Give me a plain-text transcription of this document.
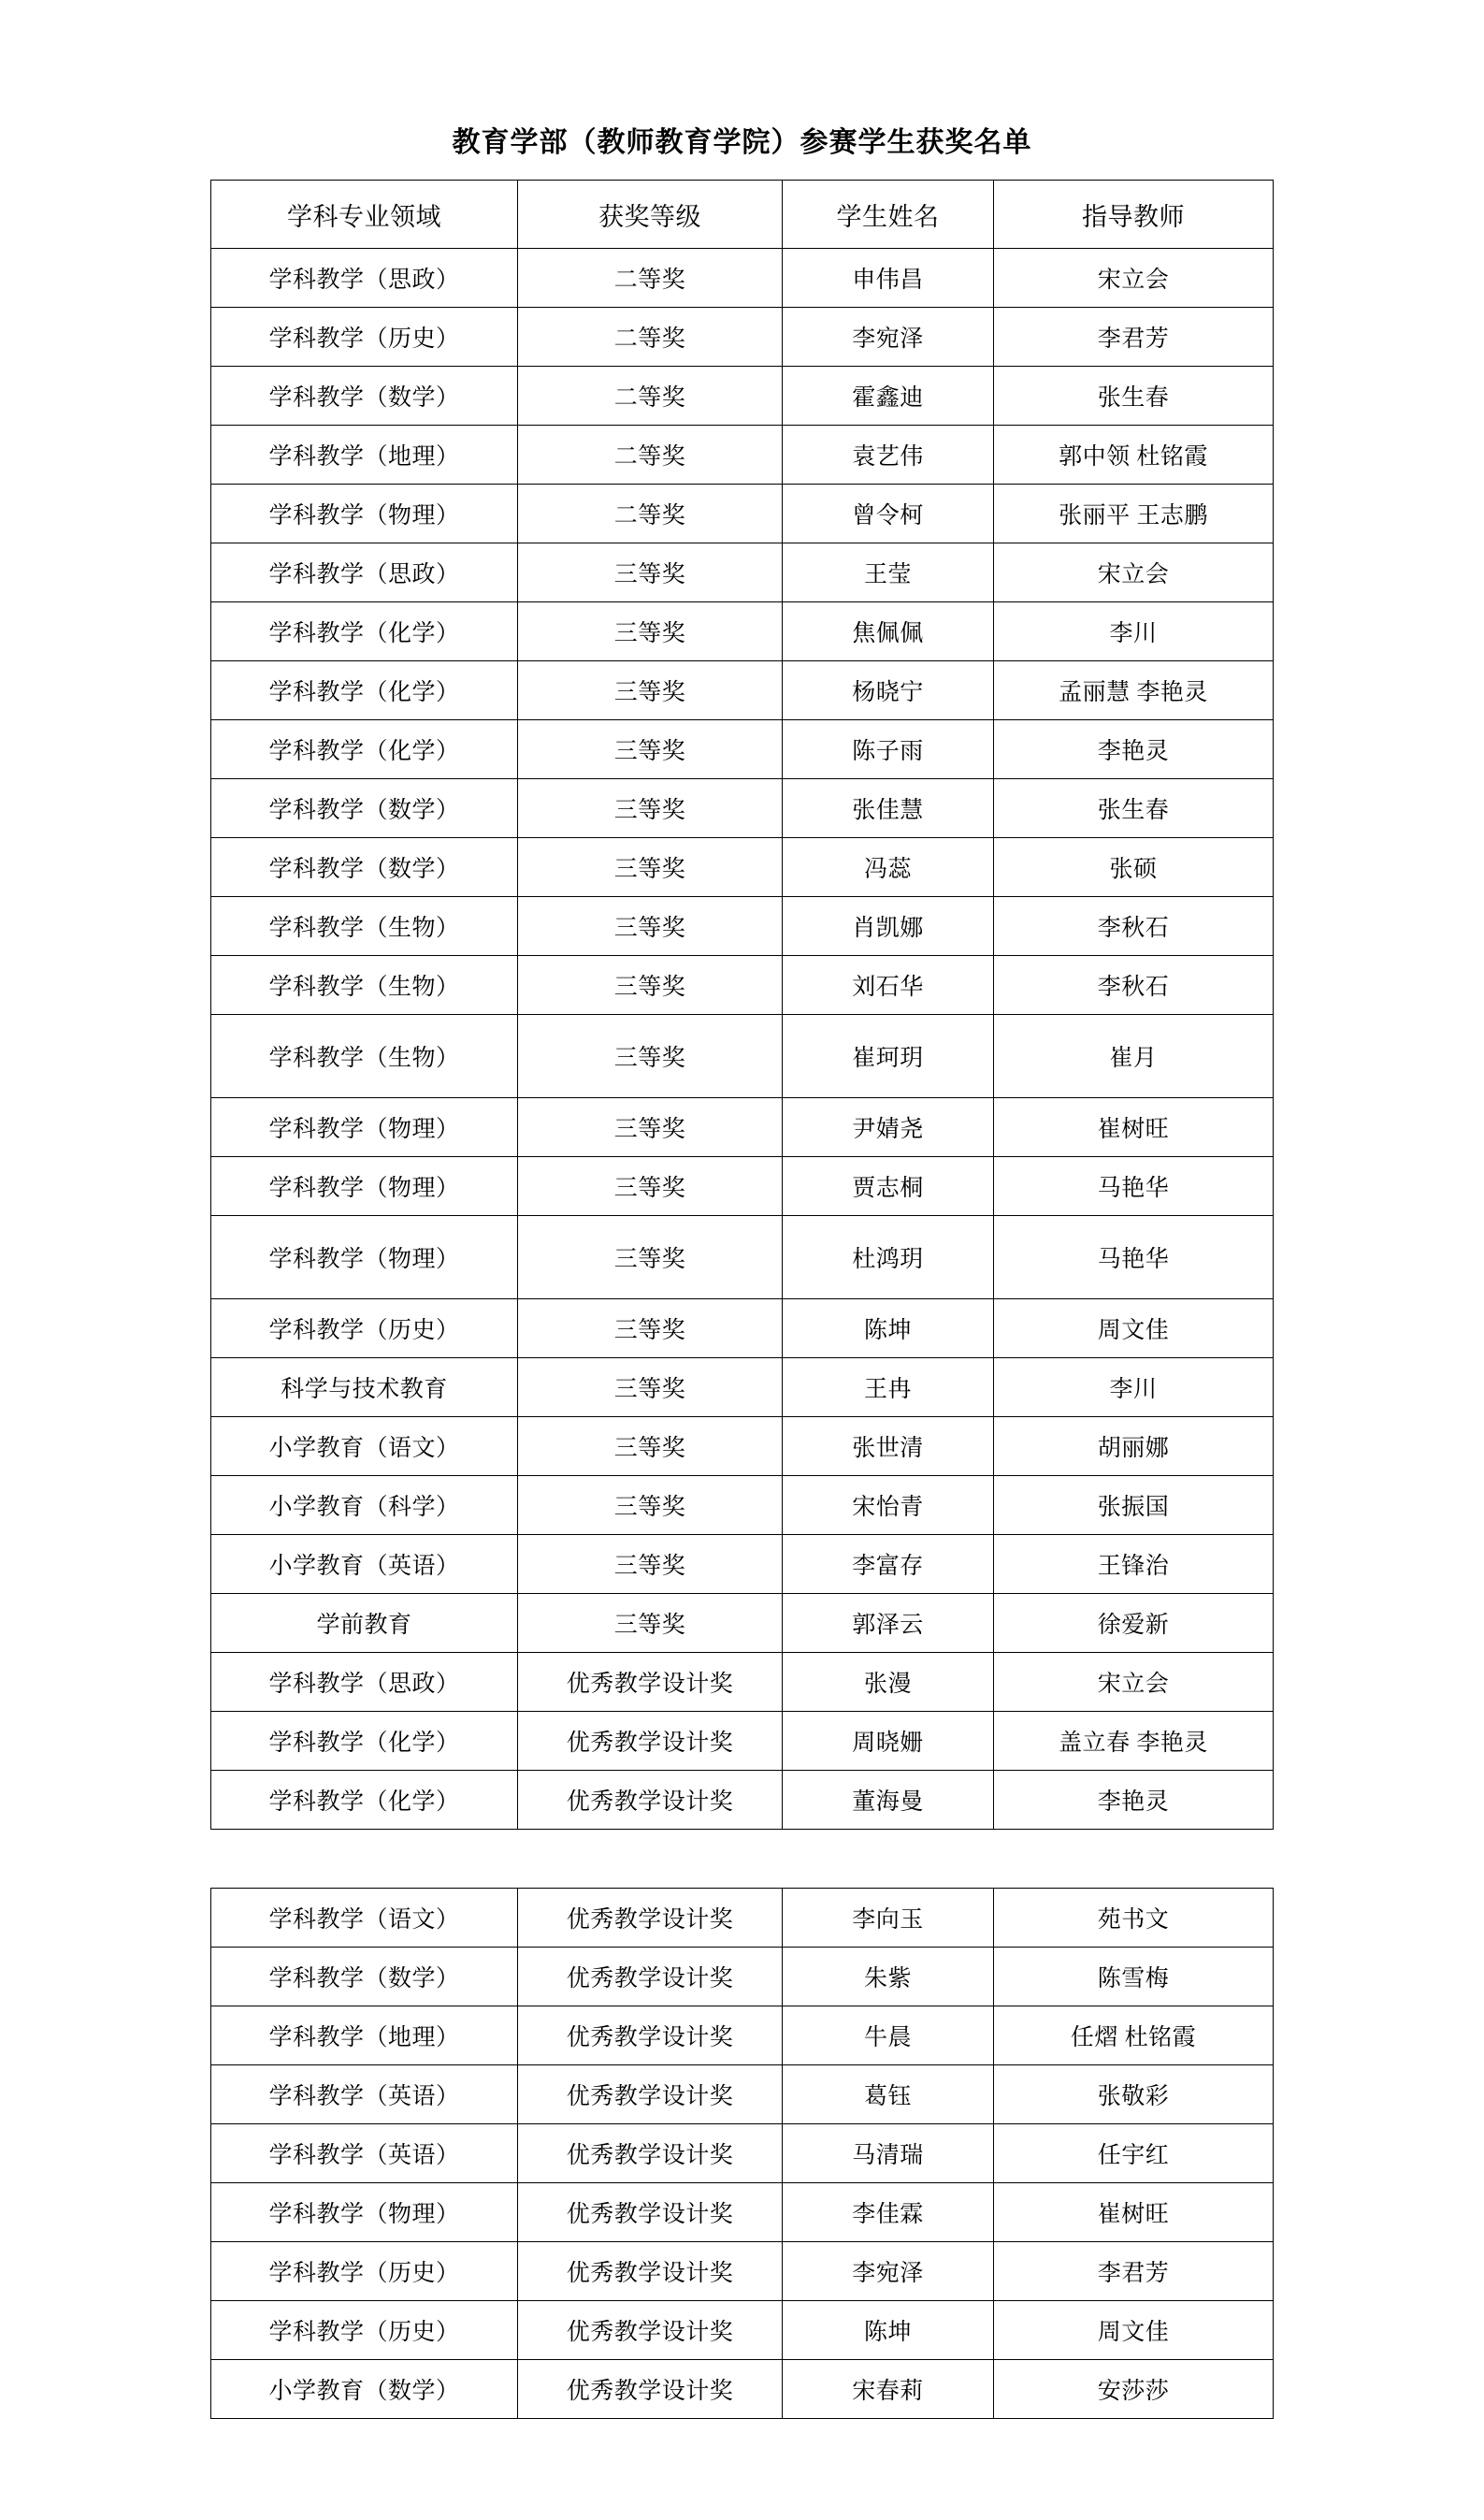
教育学部（教师教育学院）参赛学生获奖名单
学科专业领域	获奖等级	学生姓名	指导教师
学科教学（思政）	二等奖	申伟昌	宋立会
学科教学（历史）	二等奖	李宛泽	李君芳
学科教学（数学）	二等奖	霍鑫迪	张生春
学科教学（地理）	二等奖	袁艺伟	郭中领 杜铭霞
学科教学（物理）	二等奖	曾令柯	张丽平 王志鹏
学科教学（思政）	三等奖	王莹	宋立会
学科教学（化学）	三等奖	焦佩佩	李川
学科教学（化学）	三等奖	杨晓宁	孟丽慧 李艳灵
学科教学（化学）	三等奖	陈子雨	李艳灵
学科教学（数学）	三等奖	张佳慧	张生春
学科教学（数学）	三等奖	冯蕊	张硕
学科教学（生物）	三等奖	肖凯娜	李秋石
学科教学（生物）	三等奖	刘石华	李秋石
学科教学（生物）	三等奖	崔珂玥	崔月
学科教学（物理）	三等奖	尹婧尧	崔树旺
学科教学（物理）	三等奖	贾志桐	马艳华
学科教学（物理）	三等奖	杜鸿玥	马艳华
学科教学（历史）	三等奖	陈坤	周文佳
科学与技术教育	三等奖	王冉	李川
小学教育（语文）	三等奖	张世清	胡丽娜
小学教育（科学）	三等奖	宋怡青	张振国
小学教育（英语）	三等奖	李富存	王锋治
学前教育	三等奖	郭泽云	徐爱新
学科教学（思政）	优秀教学设计奖	张漫	宋立会
学科教学（化学）	优秀教学设计奖	周晓姗	盖立春 李艳灵
学科教学（化学）	优秀教学设计奖	董海曼	李艳灵

学科教学（语文）	优秀教学设计奖	李向玉	苑书文
学科教学（数学）	优秀教学设计奖	朱紫	陈雪梅
学科教学（地理）	优秀教学设计奖	牛晨	任熠 杜铭霞
学科教学（英语）	优秀教学设计奖	葛钰	张敬彩
学科教学（英语）	优秀教学设计奖	马清瑞	任宇红
学科教学（物理）	优秀教学设计奖	李佳霖	崔树旺
学科教学（历史）	优秀教学设计奖	李宛泽	李君芳
学科教学（历史）	优秀教学设计奖	陈坤	周文佳
小学教育（数学）	优秀教学设计奖	宋春莉	安莎莎
